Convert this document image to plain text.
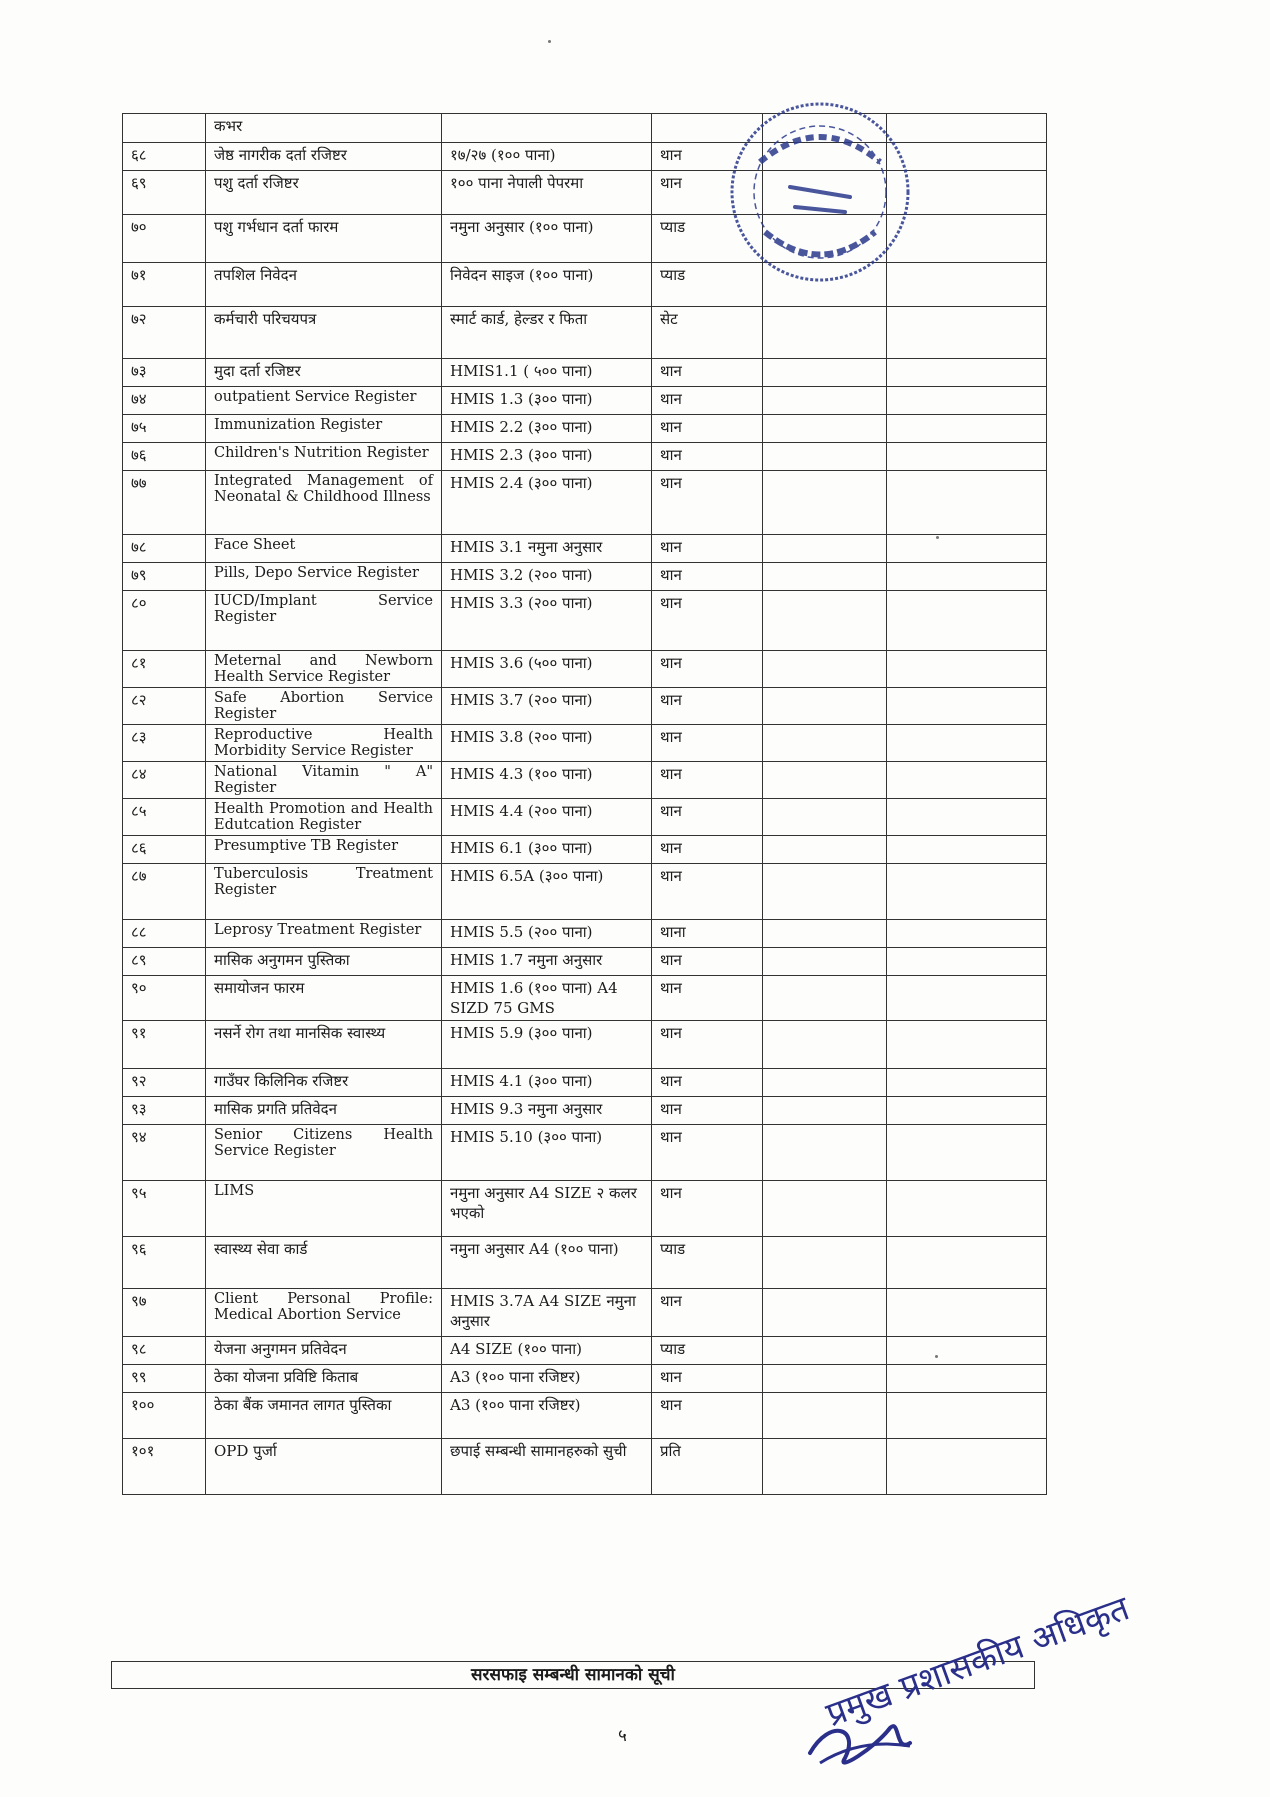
	कभर				
६८	जेष्ठ नागरीक दर्ता रजिष्टर	१७/२७ (१०० पाना)	थान		
६९	पशु दर्ता रजिष्टर	१०० पाना नेपाली पेपरमा	थान		
७०	पशु गर्भधान दर्ता फारम	नमुना अनुसार (१०० पाना)	प्याड		
७१	तपशिल निवेदन	निवेदन साइज (१०० पाना)	प्याड		
७२	कर्मचारी परिचयपत्र	स्मार्ट कार्ड, हेल्डर र फिता	सेट		
७३	मुदा दर्ता रजिष्टर	HMIS1.1 ( ५०० पाना)	थान		
७४	outpatient Service Register	HMIS 1.3 (३०० पाना)	थान		
७५	Immunization Register	HMIS 2.2 (३०० पाना)	थान		
७६	Children's Nutrition Register	HMIS 2.3 (३०० पाना)	थान		
७७	Integrated Management of Neonatal & Childhood Illness	HMIS 2.4 (३०० पाना)	थान		
७८	Face Sheet	HMIS 3.1 नमुना अनुसार	थान		
७९	Pills, Depo Service Register	HMIS 3.2 (२०० पाना)	थान		
८०	IUCD/Implant Service Register	HMIS 3.3 (२०० पाना)	थान		
८१	Meternal and Newborn Health Service Register	HMIS 3.6 (५०० पाना)	थान		
८२	Safe Abortion Service Register	HMIS 3.7 (२०० पाना)	थान		
८३	Reproductive Health Morbidity Service Register	HMIS 3.8 (२०० पाना)	थान		
८४	National Vitamin " A" Register	HMIS 4.3 (१०० पाना)	थान		
८५	Health Promotion and Health Edutcation Register	HMIS 4.4 (२०० पाना)	थान		
८६	Presumptive TB Register	HMIS 6.1 (३०० पाना)	थान		
८७	Tuberculosis Treatment Register	HMIS 6.5A (३०० पाना)	थान		
८८	Leprosy Treatment Register	HMIS 5.5 (२०० पाना)	थाना		
८९	मासिक अनुगमन पुस्तिका	HMIS 1.7 नमुना अनुसार	थान		
९०	समायोजन फारम	HMIS 1.6 (१०० पाना) A4 SIZD 75 GMS	थान		
९१	नसर्ने रोग तथा मानसिक स्वास्थ्य	HMIS 5.9 (३०० पाना)	थान		
९२	गाउँघर किलिनिक रजिष्टर	HMIS 4.1 (३०० पाना)	थान		
९३	मासिक प्रगति प्रतिवेदन	HMIS 9.3 नमुना अनुसार	थान		
९४	Senior Citizens Health Service Register	HMIS 5.10 (३०० पाना)	थान		
९५	LIMS	नमुना अनुसार A4 SIZE २ कलर भएको	थान		
९६	स्वास्थ्य सेवा कार्ड	नमुना अनुसार A4 (१०० पाना)	प्याड		
९७	Client Personal Profile: Medical Abortion Service	HMIS 3.7A A4 SIZE नमुना अनुसार	थान		
९८	येजना अनुगमन प्रतिवेदन	A4 SIZE (१०० पाना)	प्याड		
९९	ठेका योजना प्रविष्टि किताब	A3 (१०० पाना रजिष्टर)	थान		
१००	ठेका बैंक जमानत लागत पुस्तिका	A3 (१०० पाना रजिष्टर)	थान		
१०१	OPD पुर्जा	छपाई सम्बन्धी सामानहरुको सुची	प्रति		
सरसफाइ सम्बन्धी सामानको सूची
५
प्रमुख प्रशासकीय अधिकृत
